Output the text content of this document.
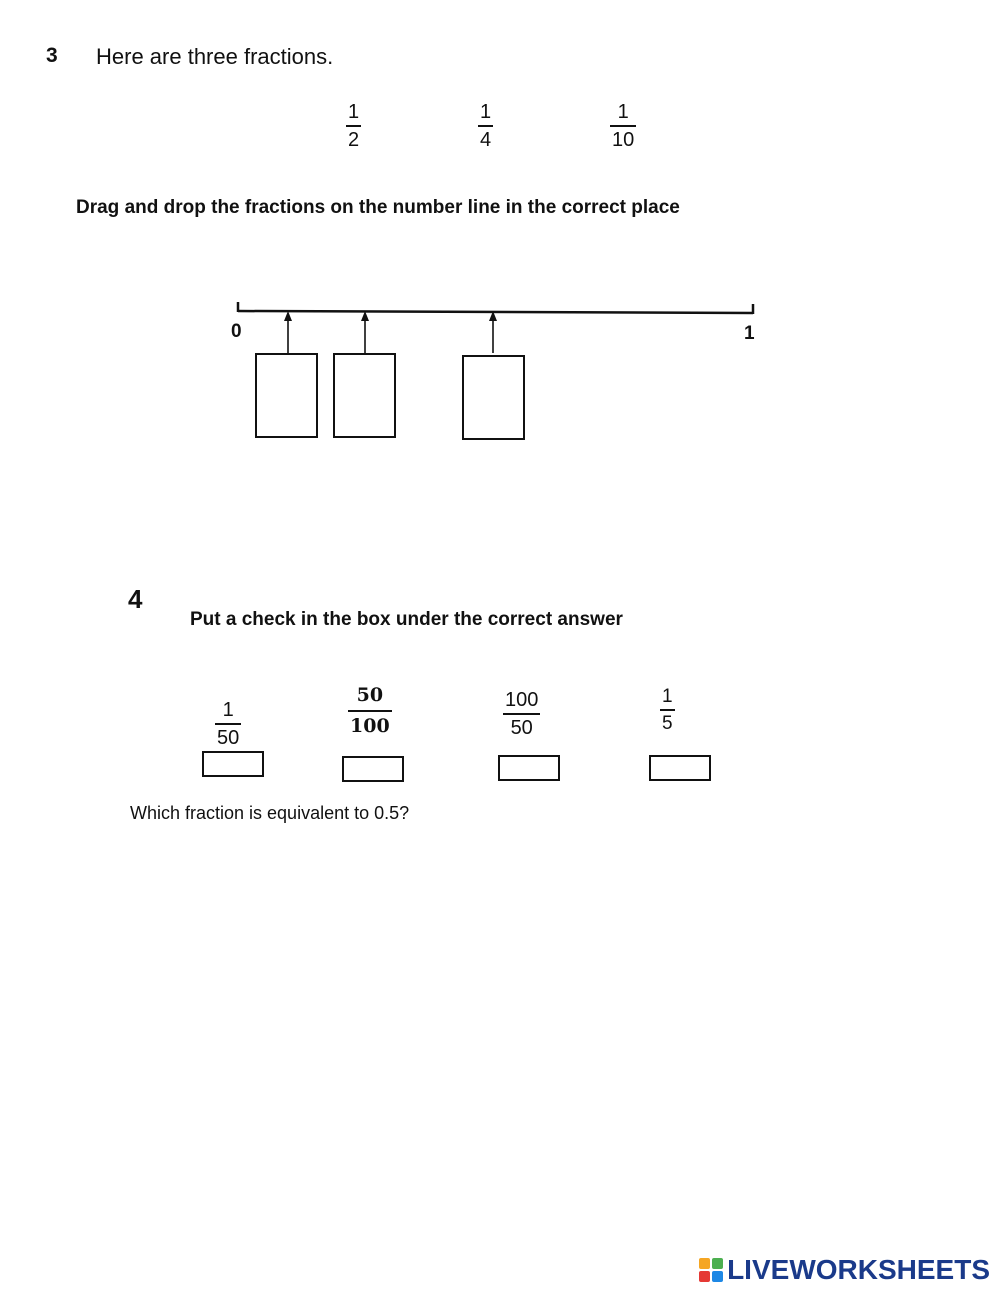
3 Here are three fractions.
1
2
1
4
1
10
Drag and drop the fractions on the number line in the correct place
0	1
4
Put a check in the box under the correct answer
1
50
50
100
100
50
1
5
Which fraction is equivalent to 0.5?
LIVEWORKSHEETS
